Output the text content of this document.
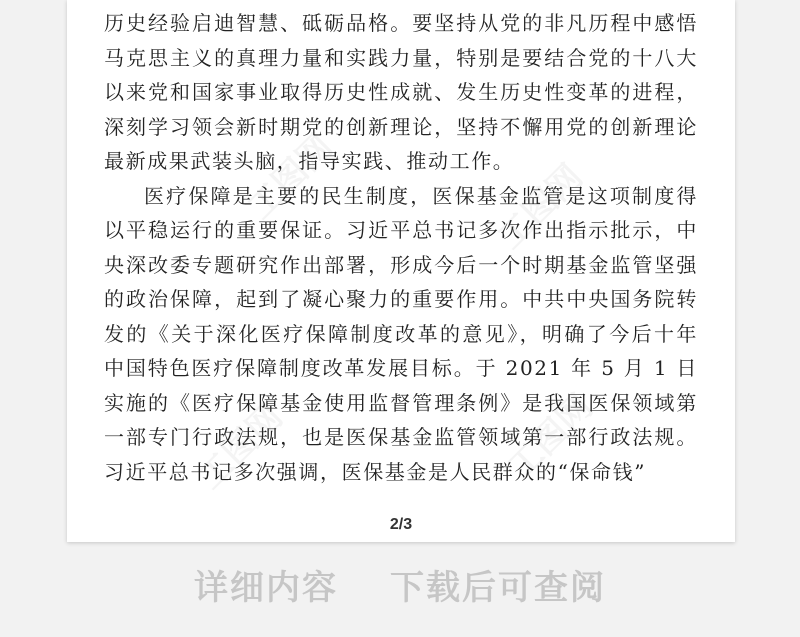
工图网	工图网
工图网	工图网

历史经验启迪智慧、砥砺品格。要坚持从党的非凡历程中感悟马克思主义的真理力量和实践力量，特别是要结合党的十八大以来党和国家事业取得历史性成就、发生历史性变革的进程，深刻学习领会新时期党的创新理论，坚持不懈用党的创新理论最新成果武装头脑，指导实践、推动工作。

医疗保障是主要的民生制度，医保基金监管是这项制度得以平稳运行的重要保证。习近平总书记多次作出指示批示，中央深改委专题研究作出部署，形成今后一个时期基金监管坚强的政治保障，起到了凝心聚力的重要作用。中共中央国务院转发的《关于深化医疗保障制度改革的意见》，明确了今后十年中国特色医疗保障制度改革发展目标。于 2021 年 5 月 1 日实施的《医疗保障基金使用监督管理条例》是我国医保领域第一部专门行政法规，也是医保基金监管领域第一部行政法规。习近平总书记多次强调，医保基金是人民群众的“保命钱”

2/3
详细内容 下载后可查阅
